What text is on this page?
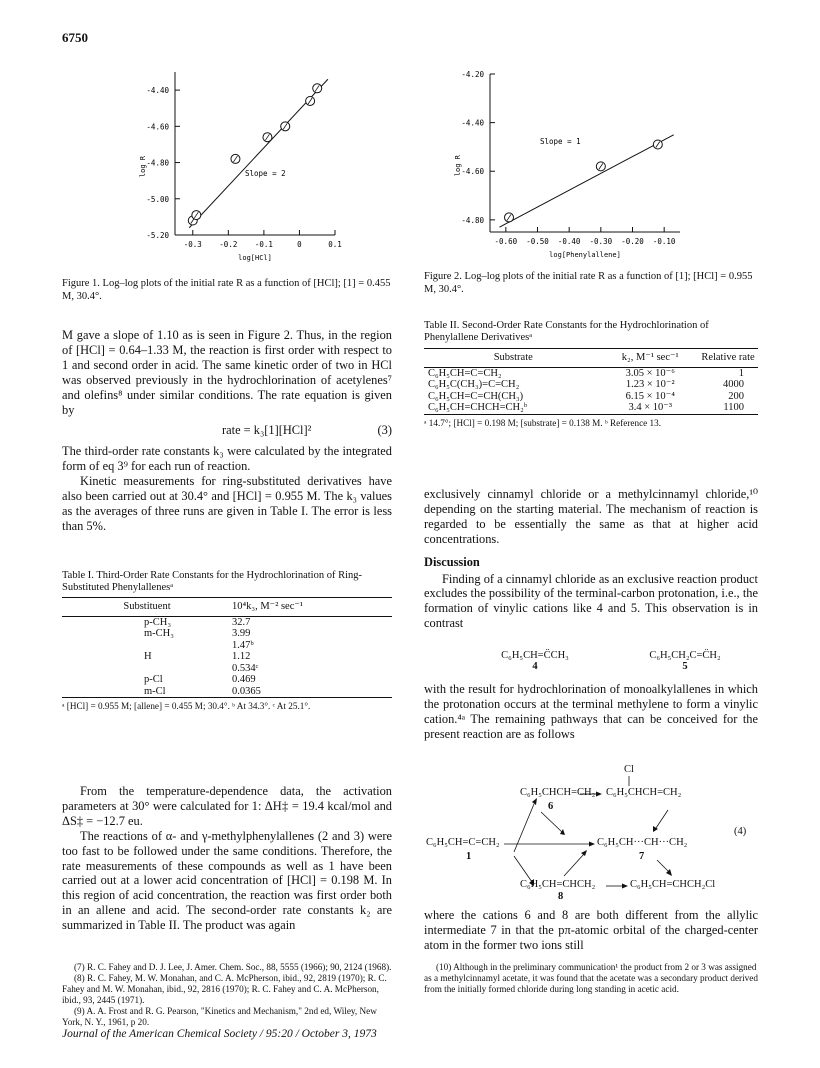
6750
-4.40
-4.60
-4.80
-5.00
-5.20
-0.3 -0.2 -0.1	0	0.1
log[HCl]
log R	Slope = 2
Figure 1. Log–log plots of the initial rate R as a function of [HCl]; [1] = 0.455 M, 30.4°.
-4.20
-4.40
-4.60
-4.80
-0.60 -0.50 -0.40 -0.30 -0.20 -0.10
log[Phenylallene]
log R
Slope = 1
Figure 2. Log–log plots of the initial rate R as a function of [1]; [HCl] = 0.955 M, 30.4°.

M gave a slope of 1.10 as is seen in Figure 2. Thus, in the region of [HCl] = 0.64–1.33 M, the reaction is first order with respect to 1 and second order in acid. The same kinetic order of two in HCl was observed previously in the hydrochlorination of acetylenes⁷ and olefins⁸ under similar conditions. The rate equation is given by

rate = k₃[1][HCl]²	(3)

The third-order rate constants k₃ were calculated by the integrated form of eq 3⁹ for each run of reaction.

Kinetic measurements for ring-substituted derivatives have also been carried out at 30.4° and [HCl] = 0.955 M. The k₃ values as the averages of three runs are given in Table I. The error is less than 5%.

Table I. Third-Order Rate Constants for the Hydrochlorination of Ring-Substituted Phenylallenesᵃ
Substituent	10⁴k₃, M⁻² sec⁻¹
p-CH₃	32.7
m-CH₃	3.99
	1.47ᵇ
H	1.12
	0.534ᶜ
p-Cl	0.469
m-Cl	0.0365
ᵃ [HCl] = 0.955 M; [allene] = 0.455 M; 30.4°. ᵇ At 34.3°. ᶜ At 25.1°.

From the temperature-dependence data, the activation parameters at 30° were calculated for 1: ΔH‡ = 19.4 kcal/mol and ΔS‡ = −12.7 eu.

The reactions of α- and γ-methylphenylallenes (2 and 3) were too fast to be followed under the same conditions. Therefore, the rate measurements of these compounds as well as 1 have been carried out at a lower acid concentration of [HCl] = 0.198 M. In this region of acid concentration, the reaction was first order both in an allene and acid. The second-order rate constants k₂ are summarized in Table II. The product was again

(7) R. C. Fahey and D. J. Lee, J. Amer. Chem. Soc., 88, 5555 (1966); 90, 2124 (1968).
(8) R. C. Fahey, M. W. Monahan, and C. A. McPherson, ibid., 92, 2819 (1970); R. C. Fahey and M. W. Monahan, ibid., 92, 2816 (1970); R. C. Fahey and C. A. McPherson, ibid., 93, 2445 (1971).
(9) A. A. Frost and R. G. Pearson, "Kinetics and Mechanism," 2nd ed, Wiley, New York, N. Y., 1961, p 20.
Table II. Second-Order Rate Constants for the Hydrochlorination of Phenylallene Derivativesᵃ
Substrate	k₂, M⁻¹ sec⁻¹	Relative rate
C₆H₅CH=C=CH₂	3.05 × 10⁻⁶	1
C₆H₅C(CH₃)=C=CH₂	1.23 × 10⁻²	4000
C₆H₅CH=C=CH(CH₃)	6.15 × 10⁻⁴	200
C₆H₅CH=CHCH=CH₂ᵇ	3.4 × 10⁻³	1100
ᵃ 14.7°; [HCl] = 0.198 M; [substrate] = 0.138 M. ᵇ Reference 13.

exclusively cinnamyl chloride or a methylcinnamyl chloride,¹⁰ depending on the starting material. The mechanism of reaction is regarded to be essentially the same as that at higher acid concentrations.

Discussion

Finding of a cinnamyl chloride as an exclusive reaction product excludes the possibility of the terminal-carbon protonation, i.e., the formation of vinylic cations like 4 and 5. This observation is in contrast

C₆H₅CH=C̈CH₃
4
C₆H₅CH₂C=C̈H₂
5

with the result for hydrochlorination of monoalkylallenes in which the protonation occurs at the terminal methylene to form a vinylic cation.⁴ᵃ The remaining pathways that can be conceived for the present reaction are as follows

Cl
C₆H₅CHCH=CH₂ C₆H₅CHCH=CH₂
6
C₆H₅CH=C=CH₂
1
C₆H₅CH···CH···CH₂
7
(4)
C₆H₅CH=CHCH₂	C₆H₅CH=CHCH₂Cl
8

where the cations 6 and 8 are both different from the allylic intermediate 7 in that the pπ-atomic orbital of the charged-center atom in the former two ions still

(10) Although in the preliminary communication¹ the product from 2 or 3 was assigned as a methylcinnamyl acetate, it was found that the acetate was a secondary product derived from the initially formed chloride during long standing in acetic acid.
Journal of the American Chemical Society / 95:20 / October 3, 1973
